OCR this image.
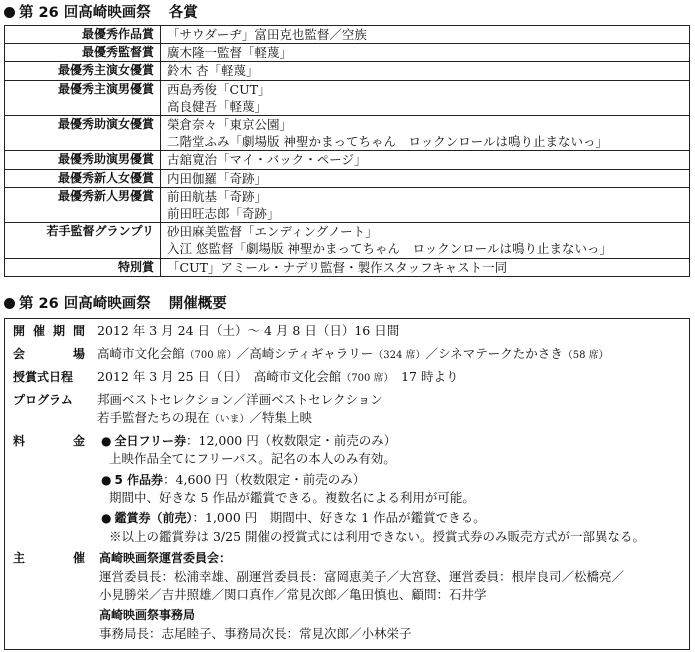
第 26 回高崎映画祭 各賞
最優秀作品賞	「サウダーヂ」富田克也監督／空族

最優秀監督賞	廣木隆一監督「軽蔑」

最優秀主演女優賞	鈴木 杏「軽蔑」

最優秀主演男優賞	西島秀俊「CUT」
高良健吾「軽蔑」

最優秀助演女優賞	榮倉奈々「東京公園」
二階堂ふみ「劇場版 神聖かまってちゃん　ロックンロールは鳴り止まないっ」

最優秀助演男優賞	古舘寛治「マイ・バック・ページ」

最優秀新人女優賞	内田伽羅「奇跡」

最優秀新人男優賞	前田航基「奇跡」
前田旺志郎「奇跡」

若手監督グランプリ	砂田麻美監督「エンディングノート」
入江 悠監督「劇場版 神聖かまってちゃん　ロックンロールは鳴り止まないっ」

特別賞	「CUT」アミール・ナデリ監督・製作スタッフキャスト一同
第 26 回高崎映画祭 開催概要
開 催 期 間 2012 年 3 月 24 日（土）～ 4 月 8 日（日）16 日間
会	場 高崎市文化会館（700 席）／高崎シティギャラリー（324 席）／シネマテークたかさき（58 席）
授賞式日程	2012 年 3 月 25 日（日）　高崎市文化会館（700 席）　17 時より
プログラム	邦画ベストセレクション／洋画ベストセレクション
若手監督たちの現在（いま）／特集上映
料	金 ● 全日フリー券：12,000 円（枚数限定・前売のみ）
上映作品全てにフリーパス。記名の本人のみ有効。
● 5 作品券：4,600 円（枚数限定・前売のみ）
期間中、好きな 5 作品が鑑賞できる。複数名による利用が可能。
● 鑑賞券（前売）：1,000 円　期間中、好きな 1 作品が鑑賞できる。
※以上の鑑賞券は 3/25 開催の授賞式には利用できない。授賞式券のみ販売方式が一部異なる。
主	催 高崎映画祭運営委員会：
運営委員長：松浦幸雄、副運営委員長：富岡恵美子／大宮登、運営委員：根岸良司／松橋亮／
小見勝栄／吉井照雄／関口真作／常見次郎／亀田慎也、顧問：石井学
高崎映画祭事務局
事務局長：志尾睦子、事務局次長：常見次郎／小林栄子
